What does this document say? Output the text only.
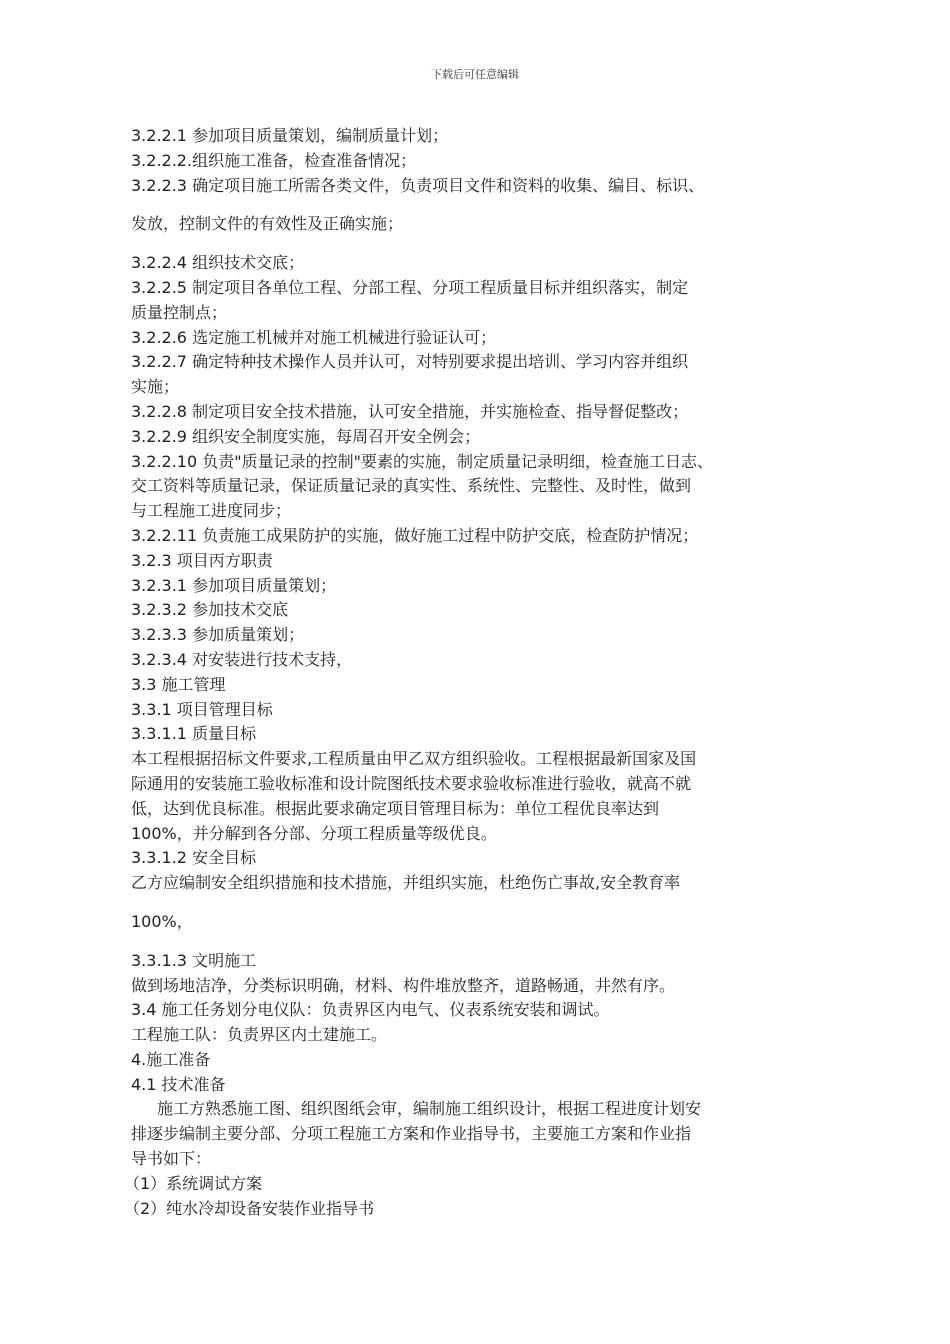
下载后可任意编辑
3.2.2.1 参加项目质量策划，编制质量计划；
3.2.2.2.组织施工准备，检查准备情况；
3.2.2.3 确定项目施工所需各类文件，负责项目文件和资料的收集、编目、标识、
发放，控制文件的有效性及正确实施；
3.2.2.4 组织技术交底；
3.2.2.5 制定项目各单位工程、分部工程、分项工程质量目标并组织落实，制定
质量控制点；
3.2.2.6 选定施工机械并对施工机械进行验证认可；
3.2.2.7 确定特种技术操作人员并认可，对特别要求提出培训、学习内容并组织
实施；
3.2.2.8 制定项目安全技术措施，认可安全措施，并实施检查、指导督促整改；
3.2.2.9 组织安全制度实施，每周召开安全例会；
3.2.2.10 负责"质量记录的控制"要素的实施，制定质量记录明细，检查施工日志、
交工资料等质量记录，保证质量记录的真实性、系统性、完整性、及时性，做到
与工程施工进度同步；
3.2.2.11 负责施工成果防护的实施，做好施工过程中防护交底，检查防护情况；
3.2.3 项目丙方职责
3.2.3.1 参加项目质量策划；
3.2.3.2 参加技术交底
3.2.3.3 参加质量策划；
3.2.3.4 对安装进行技术支持，
3.3 施工管理
3.3.1 项目管理目标
3.3.1.1 质量目标
本工程根据招标文件要求,工程质量由甲乙双方组织验收。工程根据最新国家及国
际通用的安装施工验收标准和设计院图纸技术要求验收标准进行验收，就高不就
低，达到优良标准。根据此要求确定项目管理目标为：单位工程优良率达到
100%，并分解到各分部、分项工程质量等级优良。
3.3.1.2 安全目标
乙方应编制安全组织措施和技术措施，并组织实施，杜绝伤亡事故,安全教育率
100%，
3.3.1.3 文明施工
做到场地洁净，分类标识明确，材料、构件堆放整齐，道路畅通，井然有序。
3.4 施工任务划分电仪队：负责界区内电气、仪表系统安装和调试。
工程施工队：负责界区内土建施工。
4.施工准备
4.1 技术准备
施工方熟悉施工图、组织图纸会审，编制施工组织设计，根据工程进度计划安
排逐步编制主要分部、分项工程施工方案和作业指导书，主要施工方案和作业指
导书如下：
（1）系统调试方案
（2）纯水冷却设备安装作业指导书
